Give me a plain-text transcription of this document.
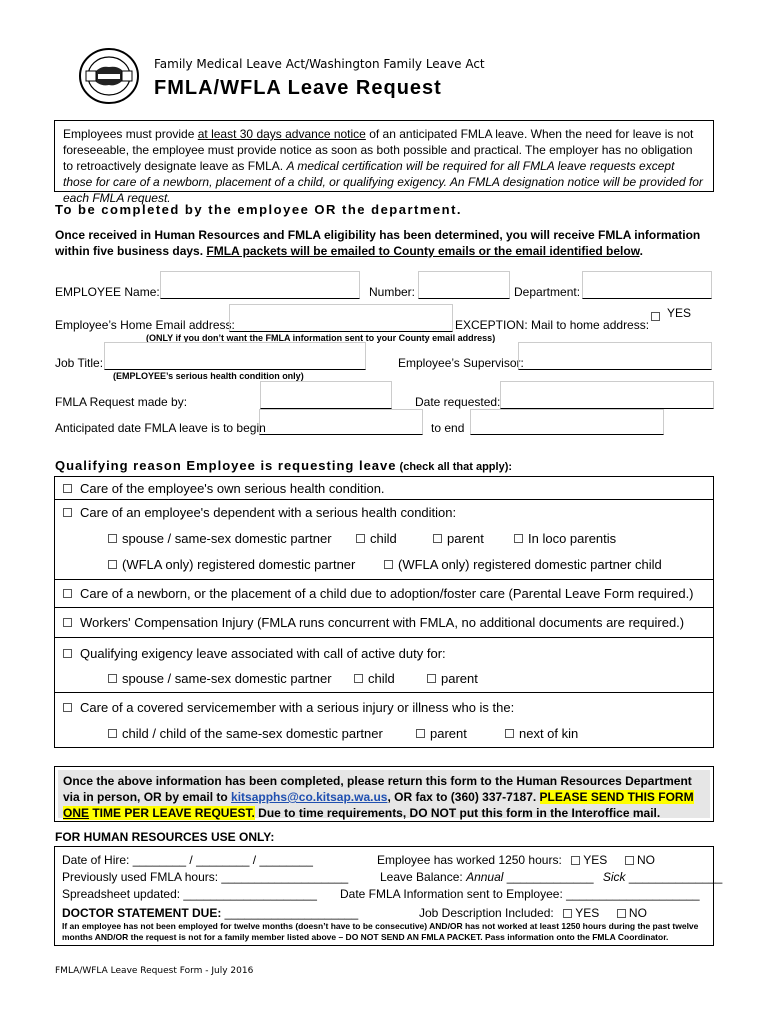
Family Medical Leave Act/Washington Family Leave Act
FMLA/WFLA Leave Request
Employees must provide at least 30 days advance notice of an anticipated FMLA leave. When the need for leave is not foreseeable, the employee must provide notice as soon as both possible and practical. The employer has no obligation to retroactively designate leave as FMLA. A medical certification will be required for all FMLA leave requests except those for care of a newborn, placement of a child, or qualifying exigency. An FMLA designation notice will be provided for each FMLA request.
To be completed by the employee OR the department.
Once received in Human Resources and FMLA eligibility has been determined, you will receive FMLA information within five business days. FMLA packets will be emailed to County emails or the email identified below.
EMPLOYEE Name:	Number:	Department:
YES
Employee’s Home Email address:	EXCEPTION: Mail to home address:
(ONLY if you don’t want the FMLA information sent to your County email address)
Job Title:	Employee’s Supervisor:
(EMPLOYEE’s serious health condition only)
FMLA Request made by:	Date requested:
Anticipated date FMLA leave is to begin	to end
Qualifying reason Employee is requesting leave (check all that apply):
Care of the employee's own serious health condition.
Care of an employee's dependent with a serious health condition:
spouse / same-sex domestic partner	child	parent	In loco parentis
(WFLA only) registered domestic partner	(WFLA only) registered domestic partner child
Care of a newborn, or the placement of a child due to adoption/foster care (Parental Leave Form required.)
Workers' Compensation Injury (FMLA runs concurrent with FMLA, no additional documents are required.)
Qualifying exigency leave associated with call of active duty for:
spouse / same-sex domestic partner	child	parent
Care of a covered servicemember with a serious injury or illness who is the:
child / child of the same-sex domestic partner	parent	next of kin
Once the above information has been completed, please return this form to the Human Resources Department via in person, OR by email to kitsapphs@co.kitsap.wa.us, OR fax to (360) 337-7187. PLEASE SEND THIS FORM ONE TIME PER LEAVE REQUEST. Due to time requirements, DO NOT put this form in the Interoffice mail.
FOR HUMAN RESOURCES USE ONLY:
Date of Hire: ________ / ________ / ________	Employee has worked 1250 hours: YES NO
Previously used FMLA hours: ___________________	Leave Balance: Annual _____________ Sick ______________
Spreadsheet updated: ____________________ Date FMLA Information sent to Employee: ____________________
DOCTOR STATEMENT DUE: ____________________	Job Description Included: YES NO
If an employee has not been employed for twelve months (doesn’t have to be consecutive) AND/OR has not worked at least 1250 hours during the past twelve months AND/OR the request is not for a family member listed above – DO NOT SEND AN FMLA PACKET. Pass information onto the FMLA Coordinator.
FMLA/WFLA Leave Request Form - July 2016
